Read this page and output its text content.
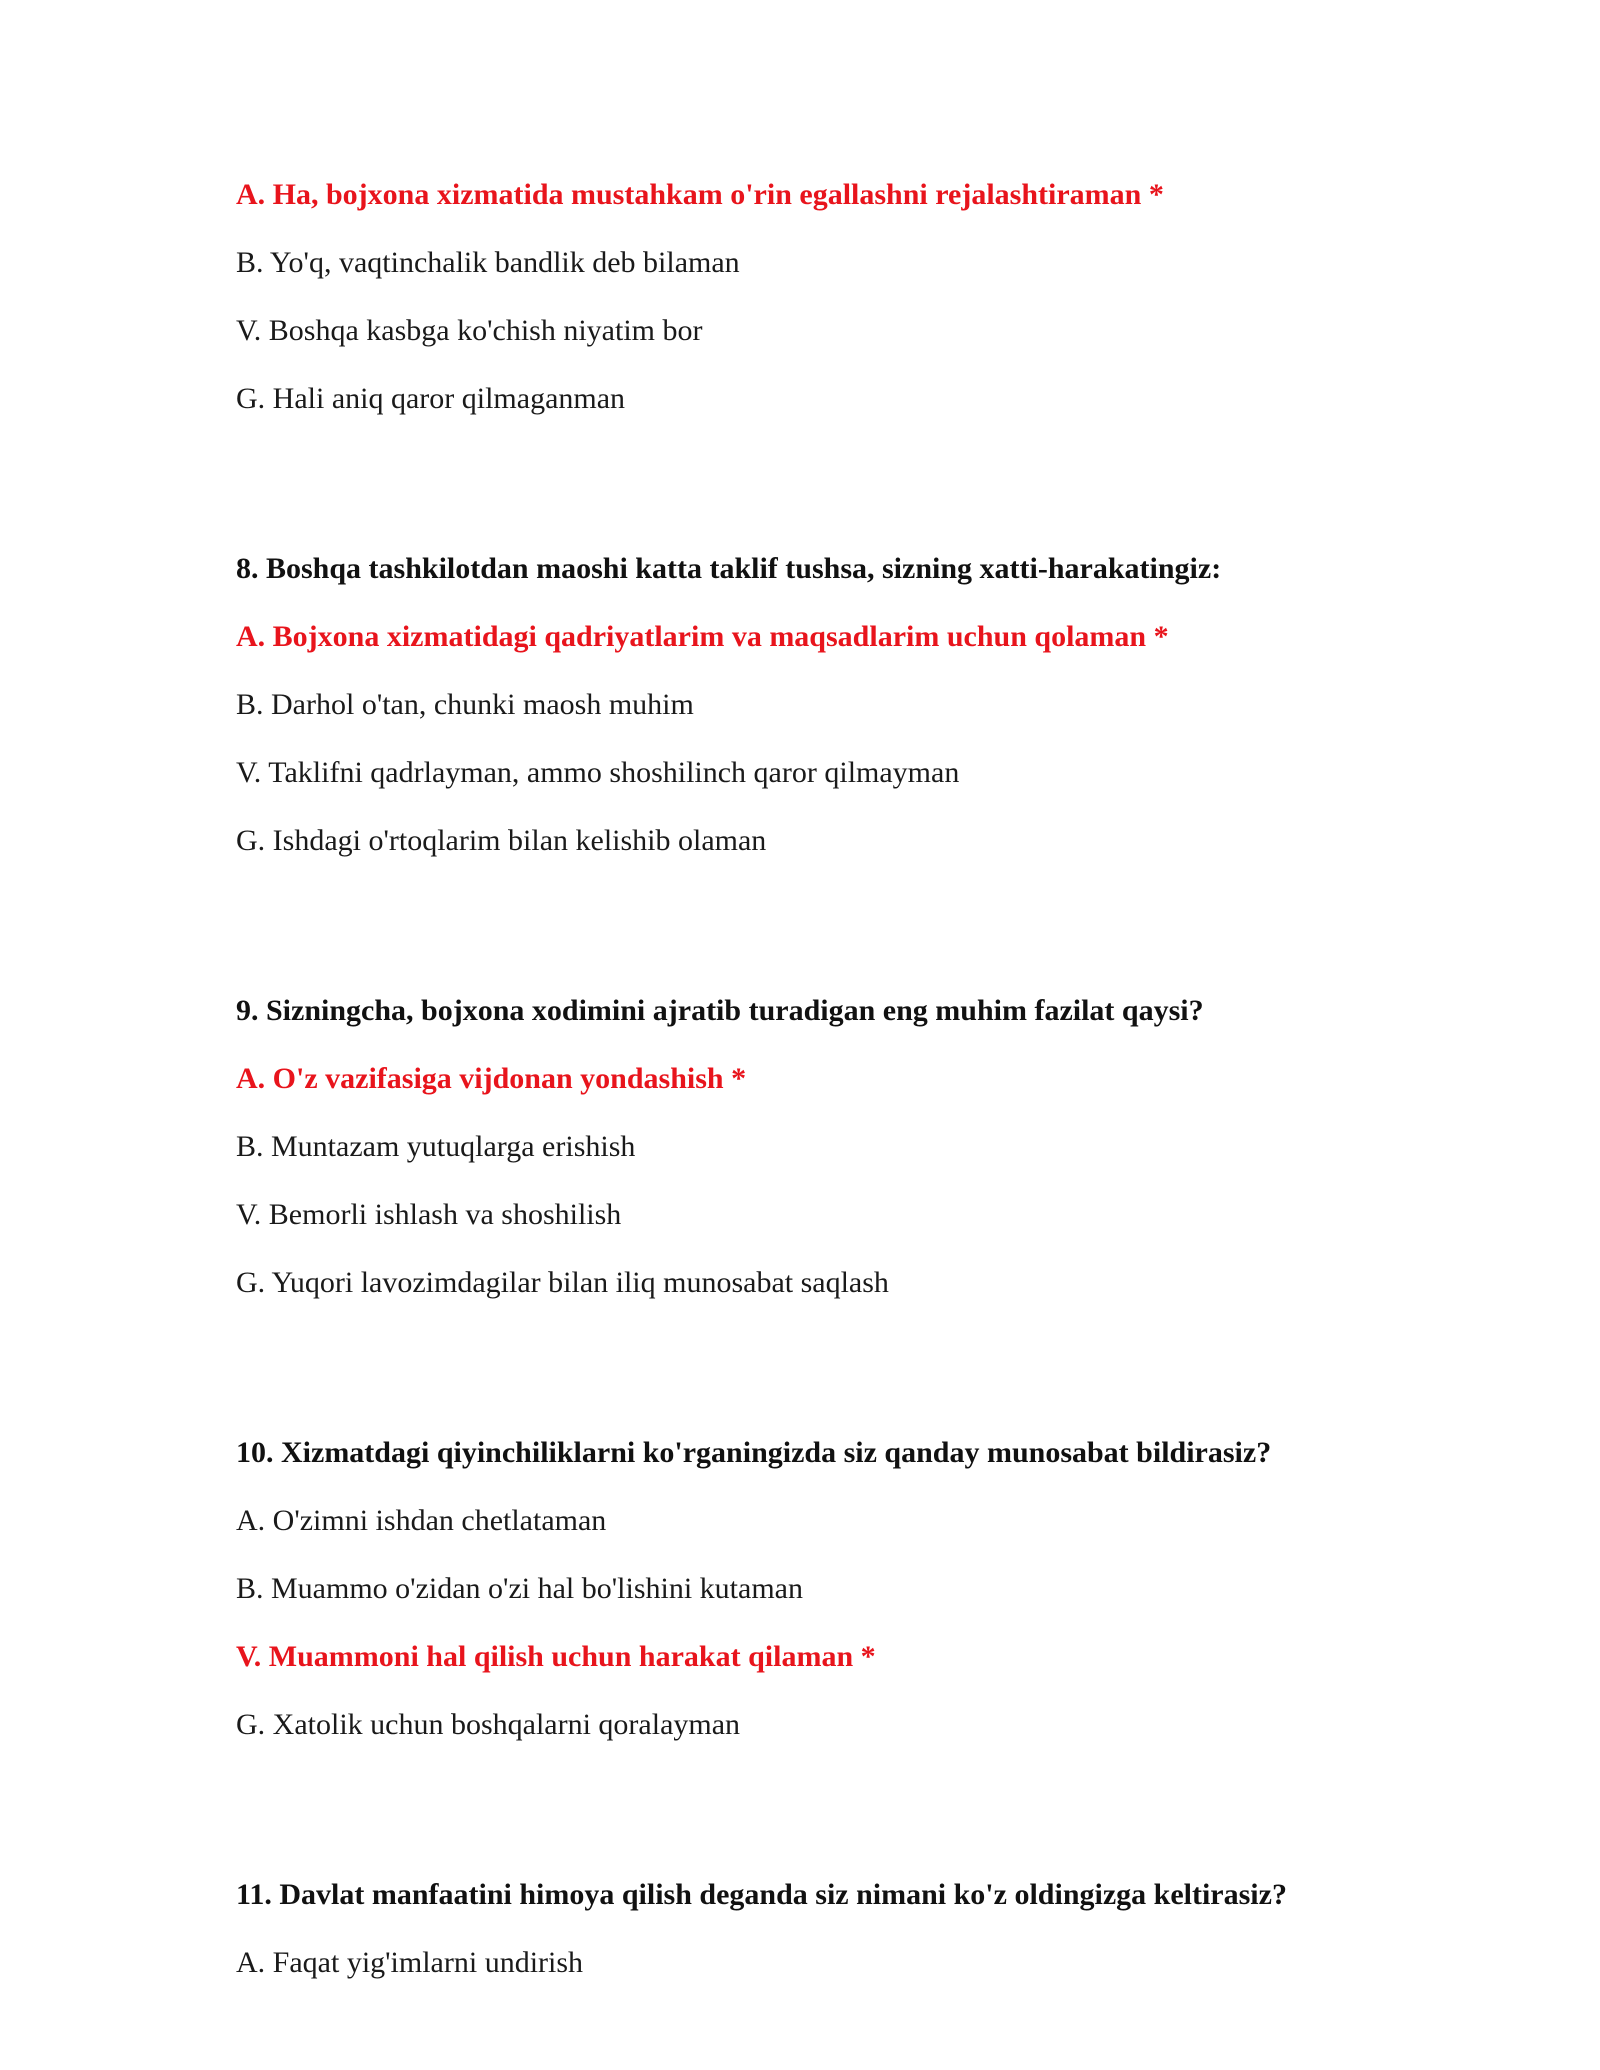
A. Ha, bojxona xizmatida mustahkam o'rin egallashni rejalashtiraman *
B. Yo'q, vaqtinchalik bandlik deb bilaman
V. Boshqa kasbga ko'chish niyatim bor
G. Hali aniq qaror qilmaganman
8. Boshqa tashkilotdan maoshi katta taklif tushsa, sizning xatti-harakatingiz:
A. Bojxona xizmatidagi qadriyatlarim va maqsadlarim uchun qolaman *
B. Darhol o'tan, chunki maosh muhim
V. Taklifni qadrlayman, ammo shoshilinch qaror qilmayman
G. Ishdagi o'rtoqlarim bilan kelishib olaman
9. Sizningcha, bojxona xodimini ajratib turadigan eng muhim fazilat qaysi?
A. O'z vazifasiga vijdonan yondashish *
B. Muntazam yutuqlarga erishish
V. Bemorli ishlash va shoshilish
G. Yuqori lavozimdagilar bilan iliq munosabat saqlash
10. Xizmatdagi qiyinchiliklarni ko'rganingizda siz qanday munosabat bildirasiz?
A. O'zimni ishdan chetlataman
B. Muammo o'zidan o'zi hal bo'lishini kutaman
V. Muammoni hal qilish uchun harakat qilaman *
G. Xatolik uchun boshqalarni qoralayman
11. Davlat manfaatini himoya qilish deganda siz nimani ko'z oldingizga keltirasiz?
A. Faqat yig'imlarni undirish
